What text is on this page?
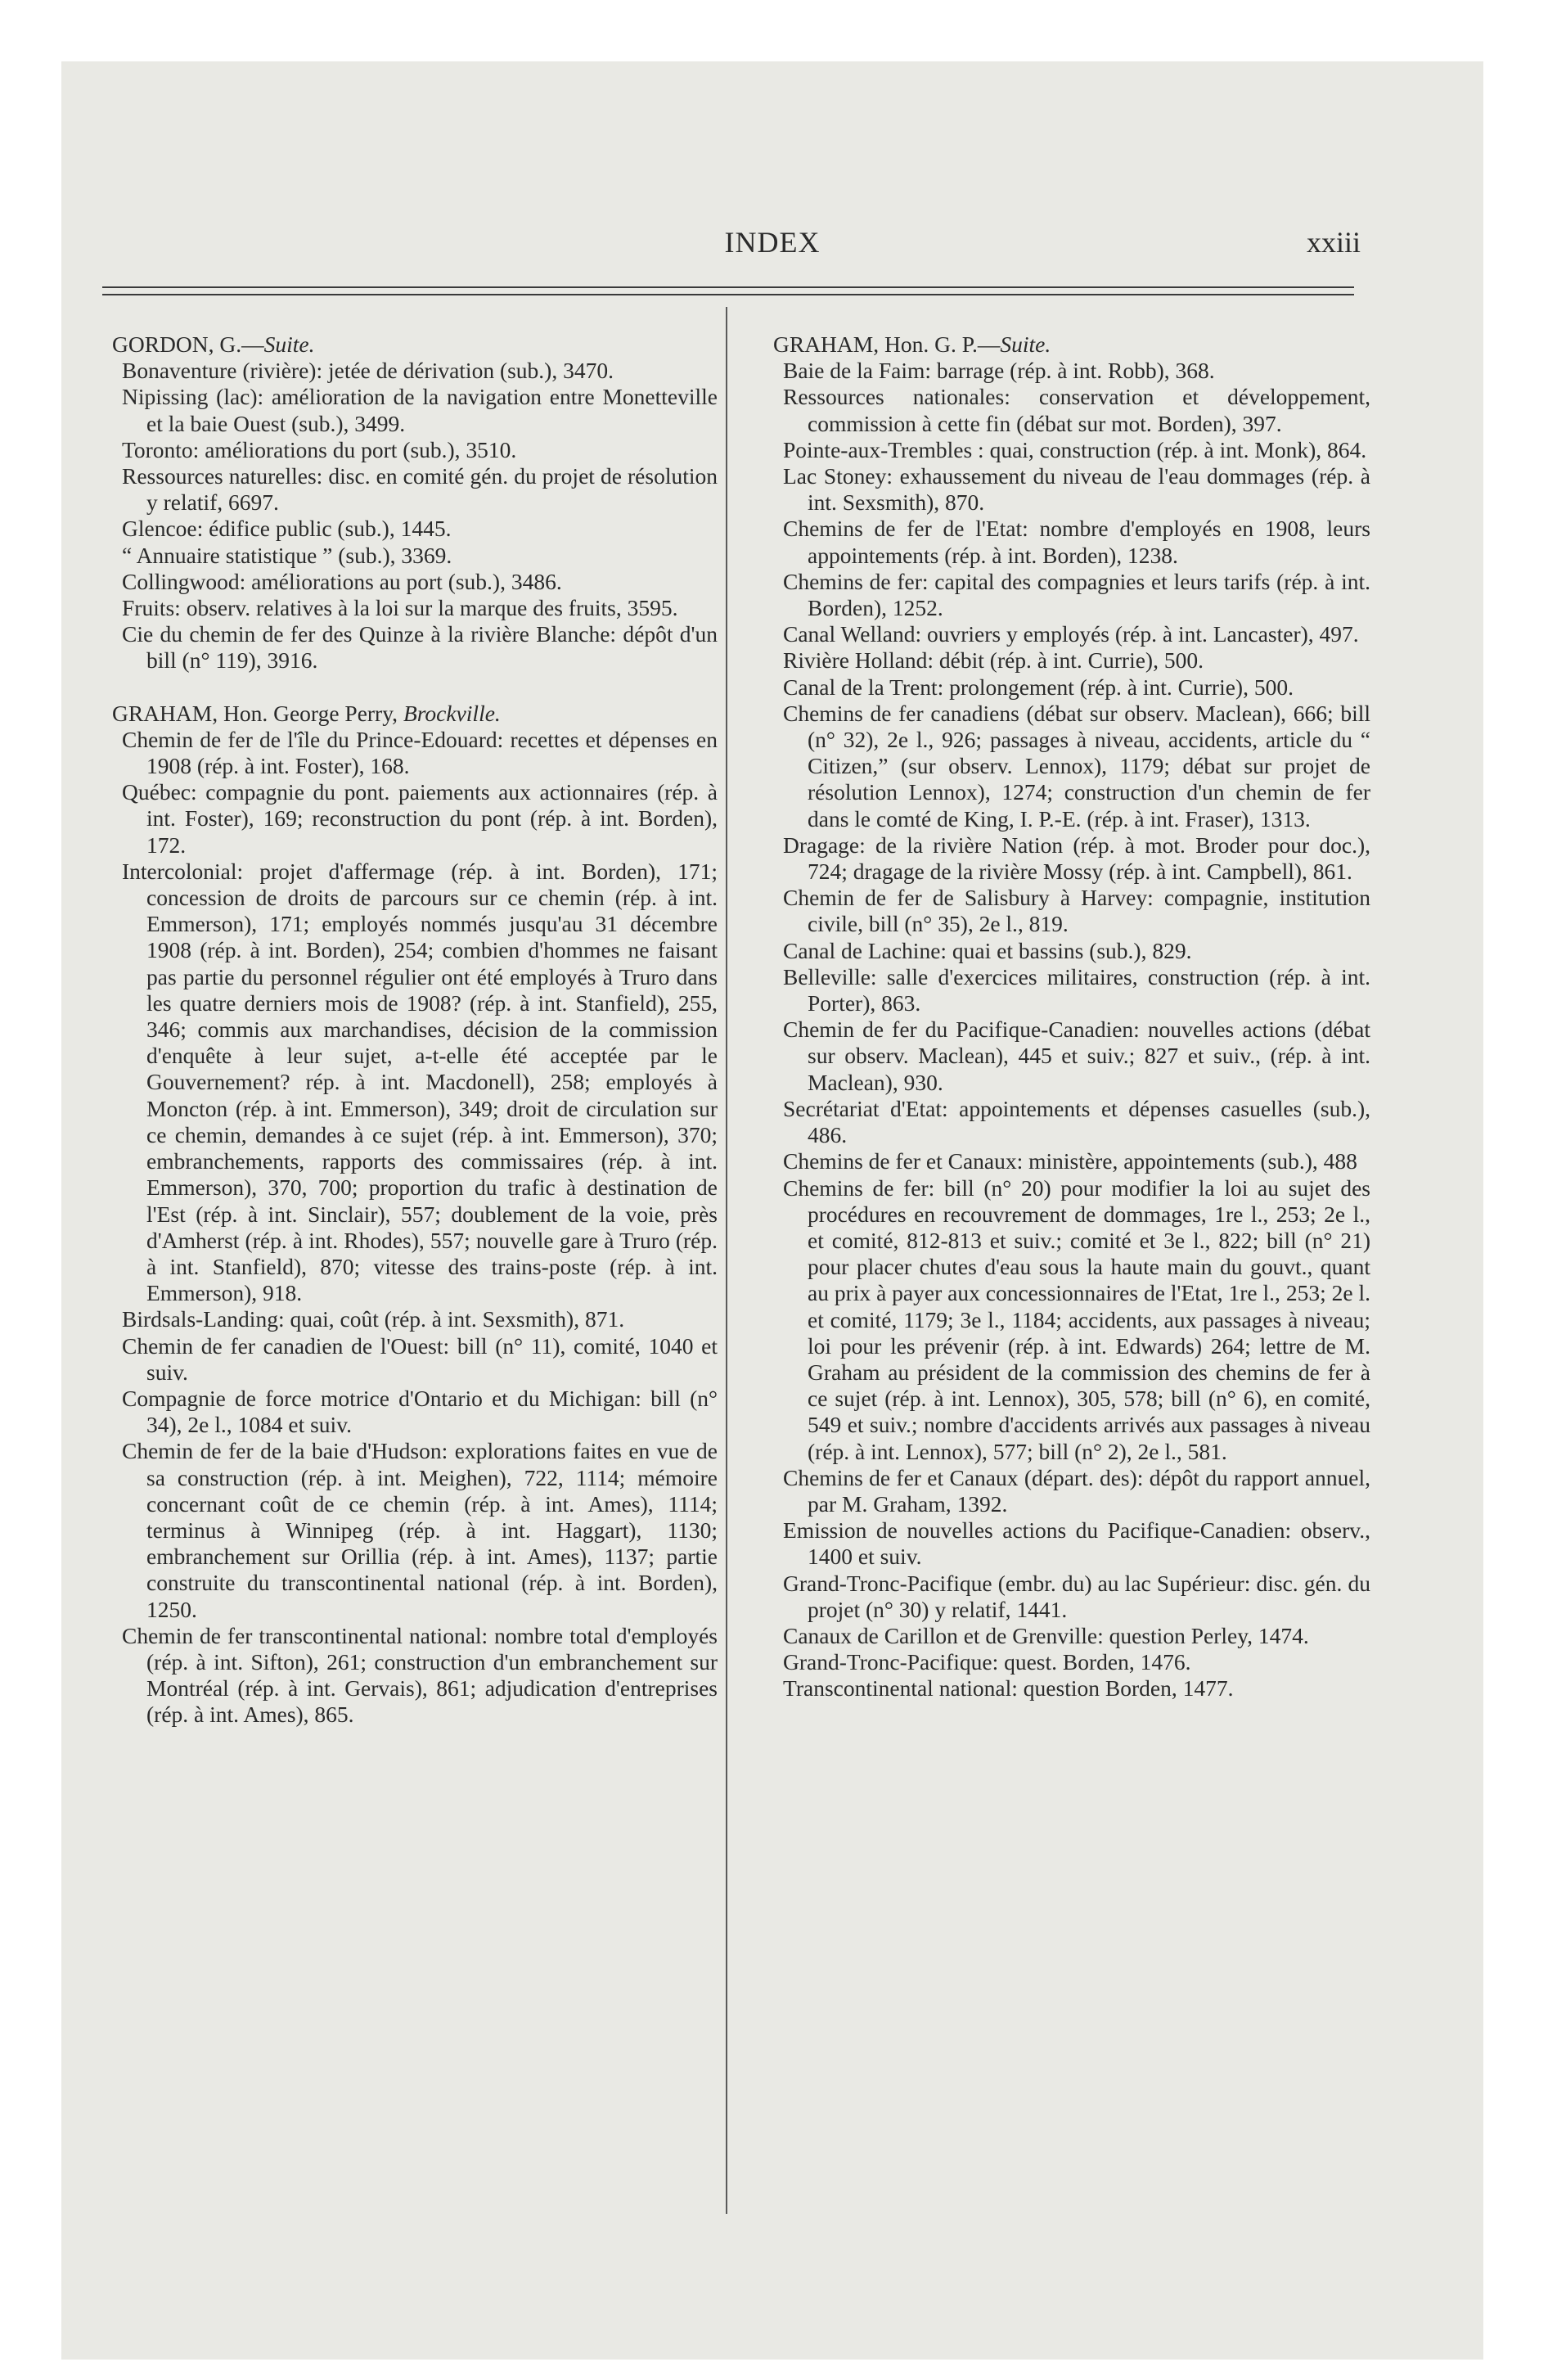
INDEX	xxiii

GORDON, G.—Suite.

Bonaventure (rivière): jetée de dérivation (sub.), 3470.
Nipissing (lac): amélioration de la navigation entre Monetteville et la baie Ouest (sub.), 3499.
Toronto: améliorations du port (sub.), 3510.
Ressources naturelles: disc. en comité gén. du projet de résolution y relatif, 6697.
Glencoe: édifice public (sub.), 1445.
“ Annuaire statistique ” (sub.), 3369.
Collingwood: améliorations au port (sub.), 3486.
Fruits: observ. relatives à la loi sur la marque des fruits, 3595.
Cie du chemin de fer des Quinze à la rivière Blanche: dépôt d'un bill (n° 119), 3916.

GRAHAM, Hon. George Perry, Brockville.

Chemin de fer de l'île du Prince-Edouard: recettes et dépenses en 1908 (rép. à int. Foster), 168.
Québec: compagnie du pont. paiements aux actionnaires (rép. à int. Foster), 169; reconstruction du pont (rép. à int. Borden), 172.
Intercolonial: projet d'affermage (rép. à int. Borden), 171; concession de droits de parcours sur ce chemin (rép. à int. Emmerson), 171; employés nommés jusqu'au 31 décembre 1908 (rép. à int. Borden), 254; combien d'hommes ne faisant pas partie du personnel régulier ont été employés à Truro dans les quatre derniers mois de 1908? (rép. à int. Stanfield), 255, 346; commis aux marchandises, décision de la commission d'enquête à leur sujet, a-t-elle été acceptée par le Gouvernement? rép. à int. Macdonell), 258; employés à Moncton (rép. à int. Emmerson), 349; droit de circulation sur ce chemin, demandes à ce sujet (rép. à int. Emmerson), 370; embranchements, rapports des commissaires (rép. à int. Emmerson), 370, 700; proportion du trafic à destination de l'Est (rép. à int. Sinclair), 557; doublement de la voie, près d'Amherst (rép. à int. Rhodes), 557; nouvelle gare à Truro (rép. à int. Stanfield), 870; vitesse des trains-poste (rép. à int. Emmerson), 918.
Birdsals-Landing: quai, coût (rép. à int. Sexsmith), 871.
Chemin de fer canadien de l'Ouest: bill (n° 11), comité, 1040 et suiv.
Compagnie de force motrice d'Ontario et du Michigan: bill (n° 34), 2e l., 1084 et suiv.
Chemin de fer de la baie d'Hudson: explorations faites en vue de sa construction (rép. à int. Meighen), 722, 1114; mémoire concernant coût de ce chemin (rép. à int. Ames), 1114; terminus à Winnipeg (rép. à int. Haggart), 1130; embranchement sur Orillia (rép. à int. Ames), 1137; partie construite du transcontinental national (rép. à int. Borden), 1250.
Chemin de fer transcontinental national: nombre total d'employés (rép. à int. Sifton), 261; construction d'un embranchement sur Montréal (rép. à int. Gervais), 861; adjudication d'entreprises (rép. à int. Ames), 865.

GRAHAM, Hon. G. P.—Suite.

Baie de la Faim: barrage (rép. à int. Robb), 368.
Ressources nationales: conservation et développement, commission à cette fin (débat sur mot. Borden), 397.
Pointe-aux-Trembles : quai, construction (rép. à int. Monk), 864.
Lac Stoney: exhaussement du niveau de l'eau dommages (rép. à int. Sexsmith), 870.
Chemins de fer de l'Etat: nombre d'employés en 1908, leurs appointements (rép. à int. Borden), 1238.
Chemins de fer: capital des compagnies et leurs tarifs (rép. à int. Borden), 1252.
Canal Welland: ouvriers y employés (rép. à int. Lancaster), 497.
Rivière Holland: débit (rép. à int. Currie), 500.
Canal de la Trent: prolongement (rép. à int. Currie), 500.
Chemins de fer canadiens (débat sur observ. Maclean), 666; bill (n° 32), 2e l., 926; passages à niveau, accidents, article du “ Citizen,” (sur observ. Lennox), 1179; débat sur projet de résolution Lennox), 1274; construction d'un chemin de fer dans le comté de King, I. P.-E. (rép. à int. Fraser), 1313.
Dragage: de la rivière Nation (rép. à mot. Broder pour doc.), 724; dragage de la rivière Mossy (rép. à int. Campbell), 861.
Chemin de fer de Salisbury à Harvey: compagnie, institution civile, bill (n° 35), 2e l., 819.
Canal de Lachine: quai et bassins (sub.), 829.
Belleville: salle d'exercices militaires, construction (rép. à int. Porter), 863.
Chemin de fer du Pacifique-Canadien: nouvelles actions (débat sur observ. Maclean), 445 et suiv.; 827 et suiv., (rép. à int. Maclean), 930.
Secrétariat d'Etat: appointements et dépenses casuelles (sub.), 486.
Chemins de fer et Canaux: ministère, appointements (sub.), 488
Chemins de fer: bill (n° 20) pour modifier la loi au sujet des procédures en recouvrement de dommages, 1re l., 253; 2e l., et comité, 812-813 et suiv.; comité et 3e l., 822; bill (n° 21) pour placer chutes d'eau sous la haute main du gouvt., quant au prix à payer aux concessionnaires de l'Etat, 1re l., 253; 2e l. et comité, 1179; 3e l., 1184; accidents, aux passages à niveau; loi pour les prévenir (rép. à int. Edwards) 264; lettre de M. Graham au président de la commission des chemins de fer à ce sujet (rép. à int. Lennox), 305, 578; bill (n° 6), en comité, 549 et suiv.; nombre d'accidents arrivés aux passages à niveau (rép. à int. Lennox), 577; bill (n° 2), 2e l., 581.
Chemins de fer et Canaux (départ. des): dépôt du rapport annuel, par M. Graham, 1392.
Emission de nouvelles actions du Pacifique-Canadien: observ., 1400 et suiv.
Grand-Tronc-Pacifique (embr. du) au lac Supérieur: disc. gén. du projet (n° 30) y relatif, 1441.
Canaux de Carillon et de Grenville: question Perley, 1474.
Grand-Tronc-Pacifique: quest. Borden, 1476.
Transcontinental national: question Borden, 1477.
